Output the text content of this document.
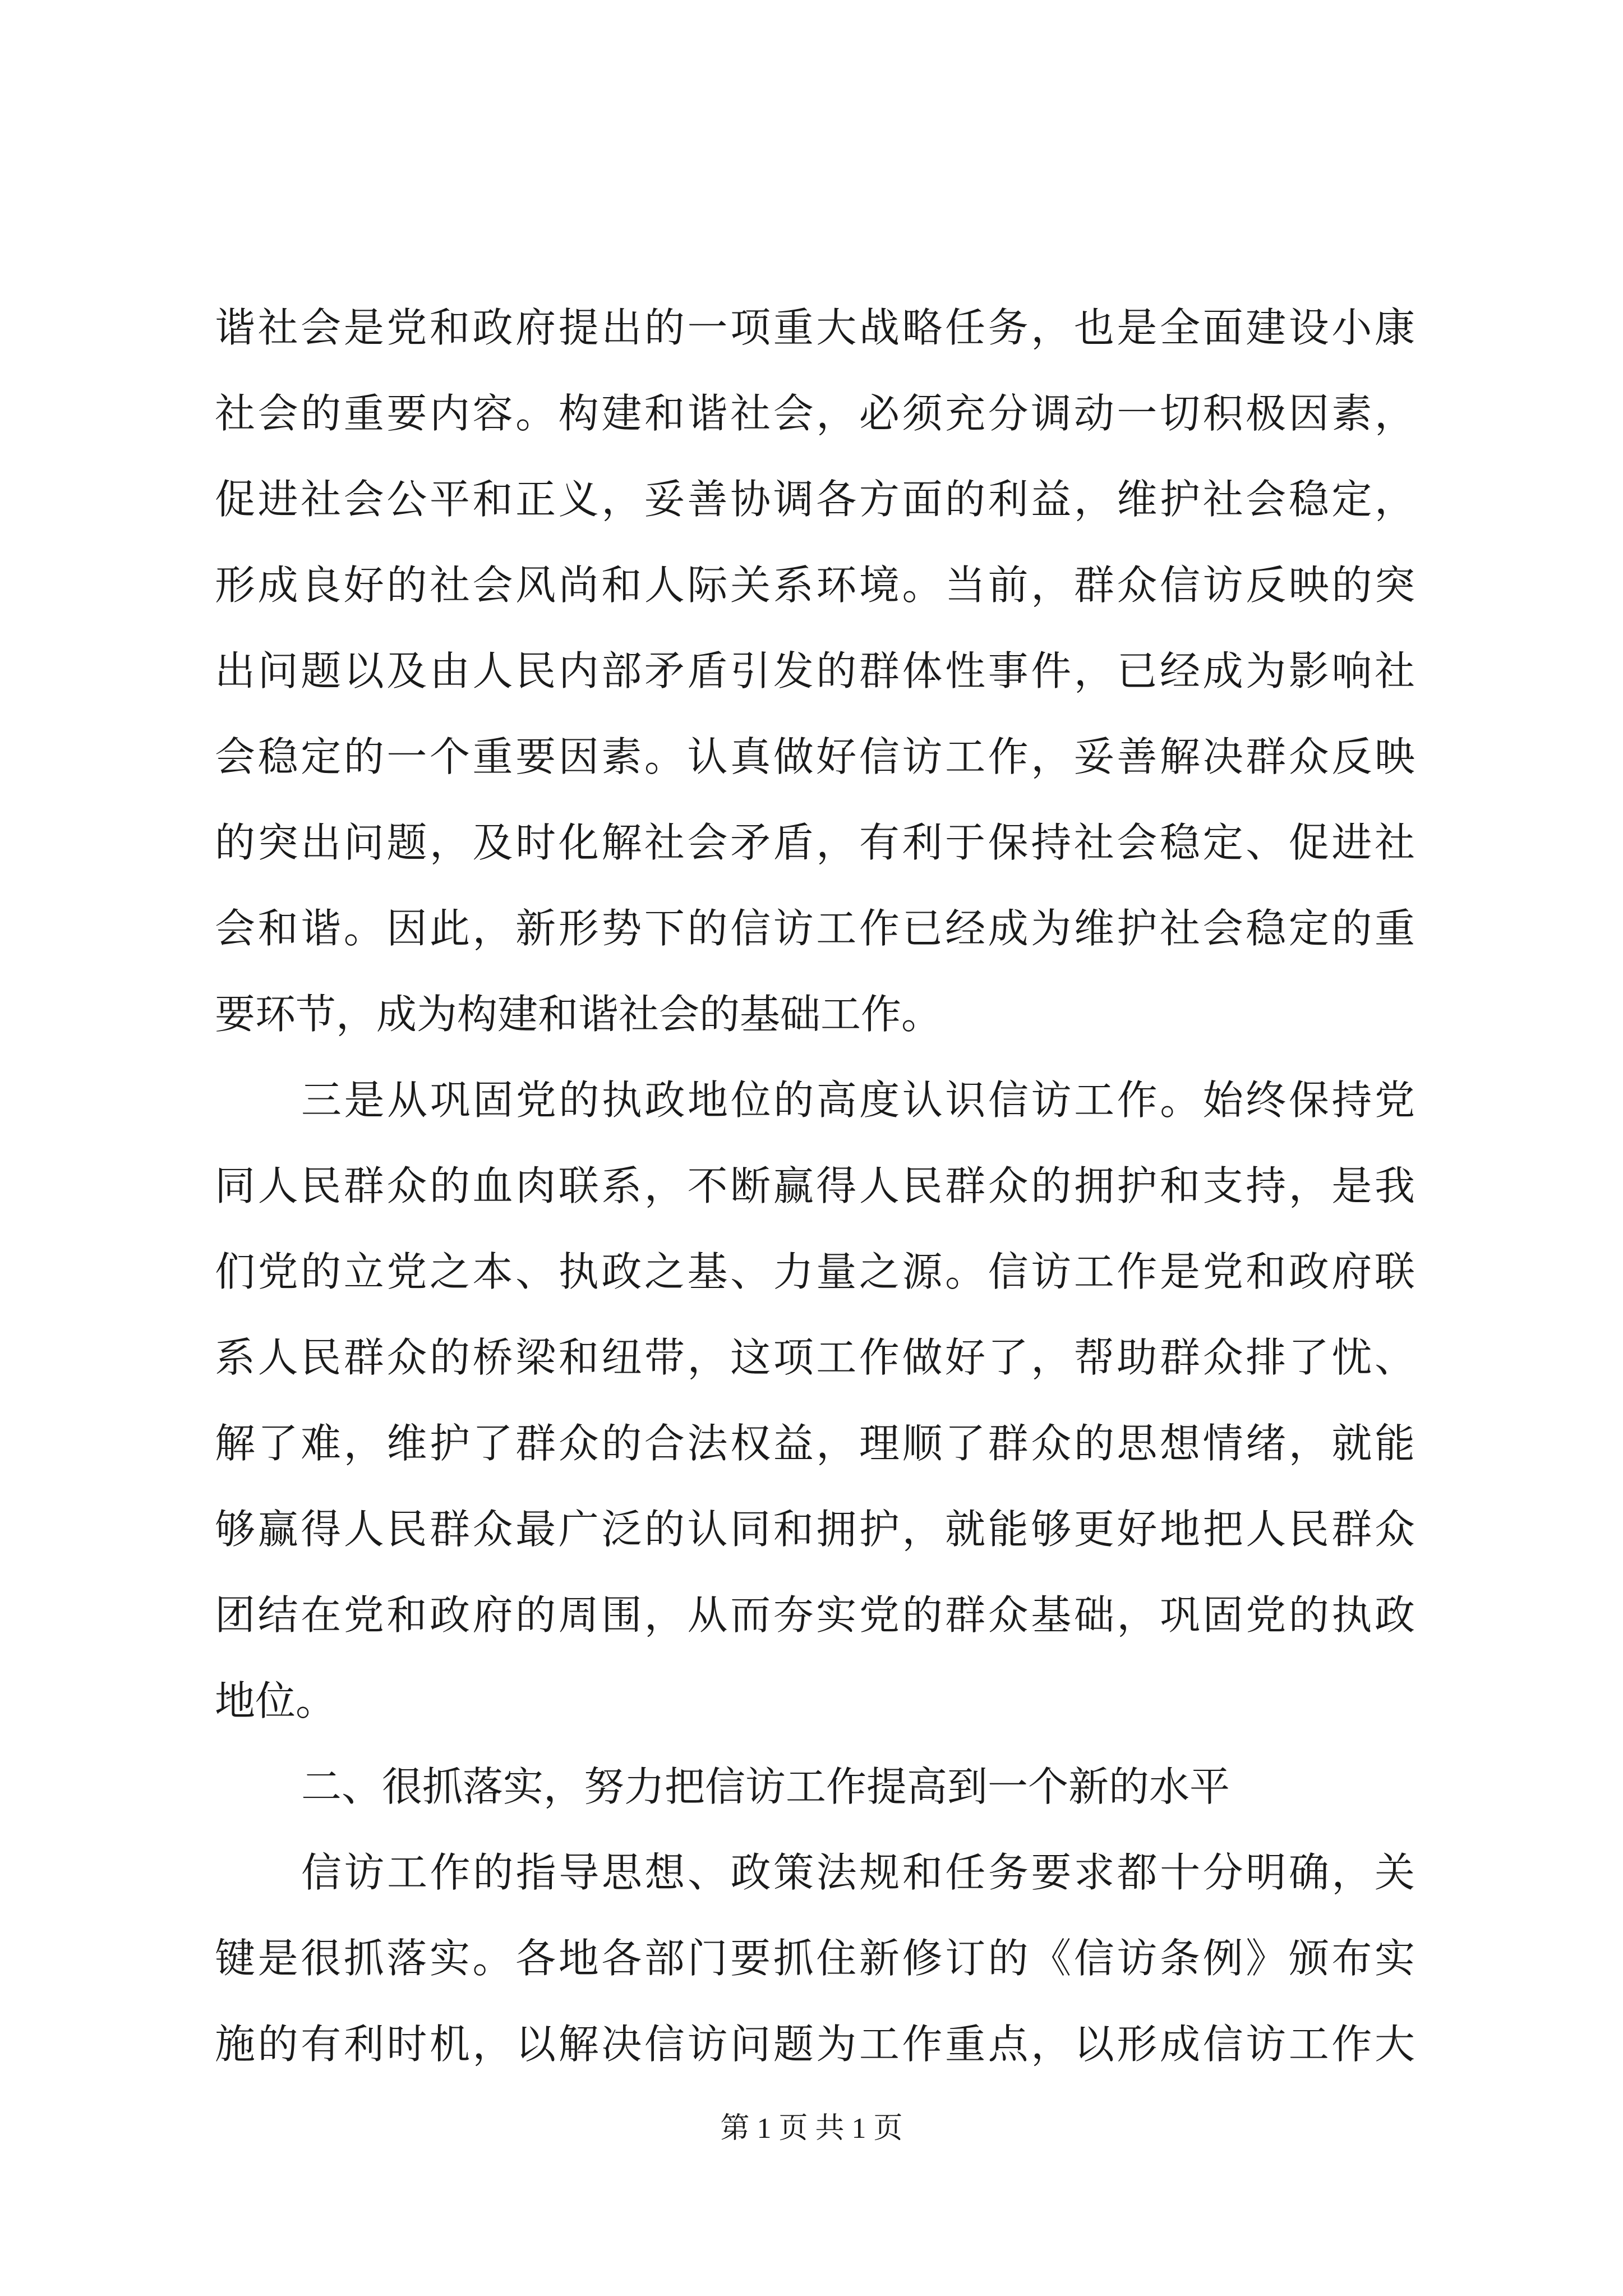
谐社会是党和政府提出的一项重大战略任务，也是全面建设小康
社会的重要内容。构建和谐社会，必须充分调动一切积极因素，
促进社会公平和正义，妥善协调各方面的利益，维护社会稳定，
形成良好的社会风尚和人际关系环境。当前，群众信访反映的突
出问题以及由人民内部矛盾引发的群体性事件，已经成为影响社
会稳定的一个重要因素。认真做好信访工作，妥善解决群众反映
的突出问题，及时化解社会矛盾，有利于保持社会稳定、促进社
会和谐。因此，新形势下的信访工作已经成为维护社会稳定的重
要环节，成为构建和谐社会的基础工作。
三是从巩固党的执政地位的高度认识信访工作。始终保持党
同人民群众的血肉联系，不断赢得人民群众的拥护和支持，是我
们党的立党之本、执政之基、力量之源。信访工作是党和政府联
系人民群众的桥梁和纽带，这项工作做好了，帮助群众排了忧、
解了难，维护了群众的合法权益，理顺了群众的思想情绪，就能
够赢得人民群众最广泛的认同和拥护，就能够更好地把人民群众
团结在党和政府的周围，从而夯实党的群众基础，巩固党的执政
地位。
二、很抓落实，努力把信访工作提高到一个新的水平
信访工作的指导思想、政策法规和任务要求都十分明确，关
键是很抓落实。各地各部门要抓住新修订的《信访条例》颁布实
施的有利时机，以解决信访问题为工作重点，以形成信访工作大
第 1 页 共 1 页
